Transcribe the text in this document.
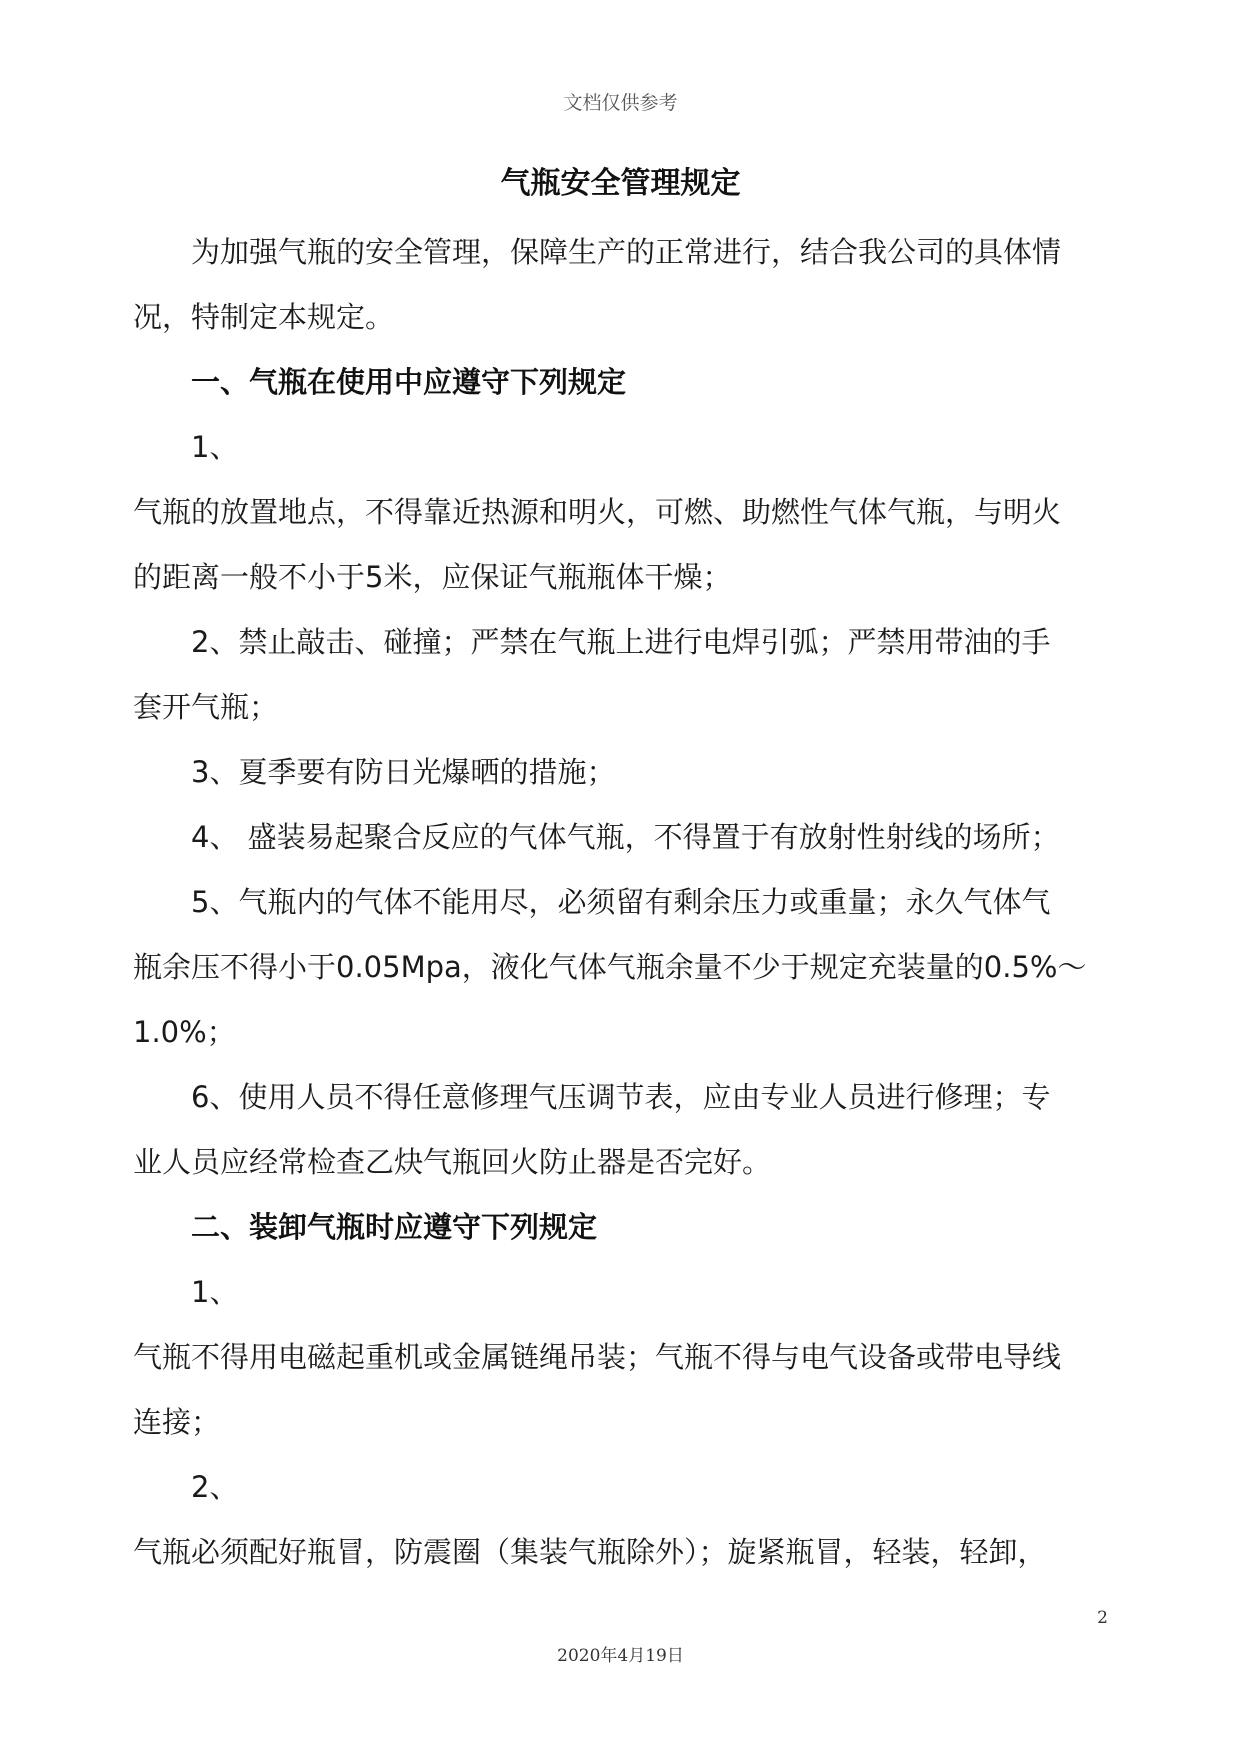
文档仅供参考
气瓶安全管理规定
为加强气瓶的安全管理，保障生产的正常进行，结合我公司的具体情
况，特制定本规定。
一、气瓶在使用中应遵守下列规定
1、
气瓶的放置地点，不得靠近热源和明火，可燃、助燃性气体气瓶，与明火
的距离一般不小于5米，应保证气瓶瓶体干燥；
2、禁止敲击、碰撞；严禁在气瓶上进行电焊引弧；严禁用带油的手
套开气瓶；
3、夏季要有防日光爆晒的措施；
4、 盛装易起聚合反应的气体气瓶，不得置于有放射性射线的场所；
5、气瓶内的气体不能用尽，必须留有剩余压力或重量；永久气体气
瓶余压不得小于0.05Mpa，液化气体气瓶余量不少于规定充装量的0.5%～
1.0%；
6、使用人员不得任意修理气压调节表，应由专业人员进行修理；专
业人员应经常检查乙炔气瓶回火防止器是否完好。
二、装卸气瓶时应遵守下列规定
1、
气瓶不得用电磁起重机或金属链绳吊装；气瓶不得与电气设备或带电导线
连接；
2、
气瓶必须配好瓶冒，防震圈（集装气瓶除外）；旋紧瓶冒，轻装，轻卸，
2
2020年4月19日
